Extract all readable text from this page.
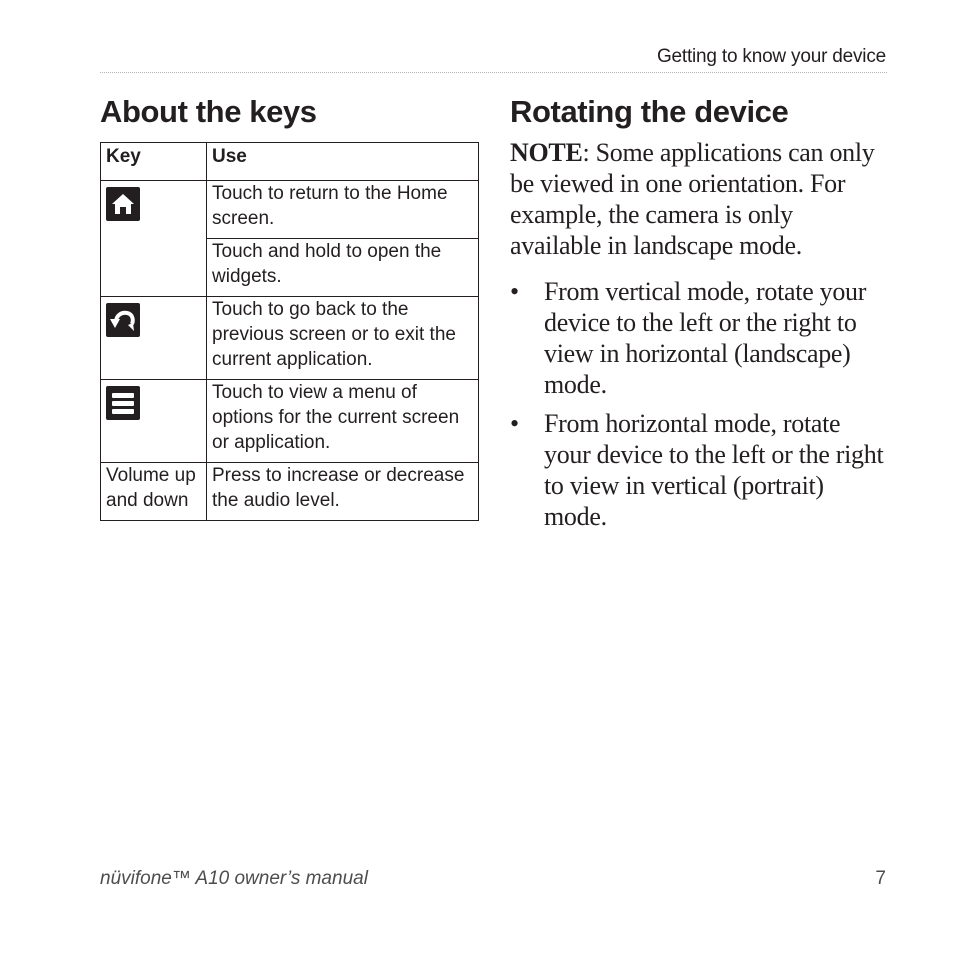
Getting to know your device
About the keys
Key	Use

	Touch to return to the Home screen.
	Touch and hold to open the widgets.

	Touch to go back to the previous screen or to exit the current application.

	Touch to view a menu of options for the current screen or application.
Volume up and down	Press to increase or decrease the audio level.
Rotating the device

NOTE: Some applications can only be viewed in one orientation. For example, the camera is only available in landscape mode.

• From vertical mode, rotate your device to the left or the right to view in horizontal (landscape) mode.
• From horizontal mode, rotate your device to the left or the right to view in vertical (portrait) mode.
nüvifone™ A10 owner’s manual	7
